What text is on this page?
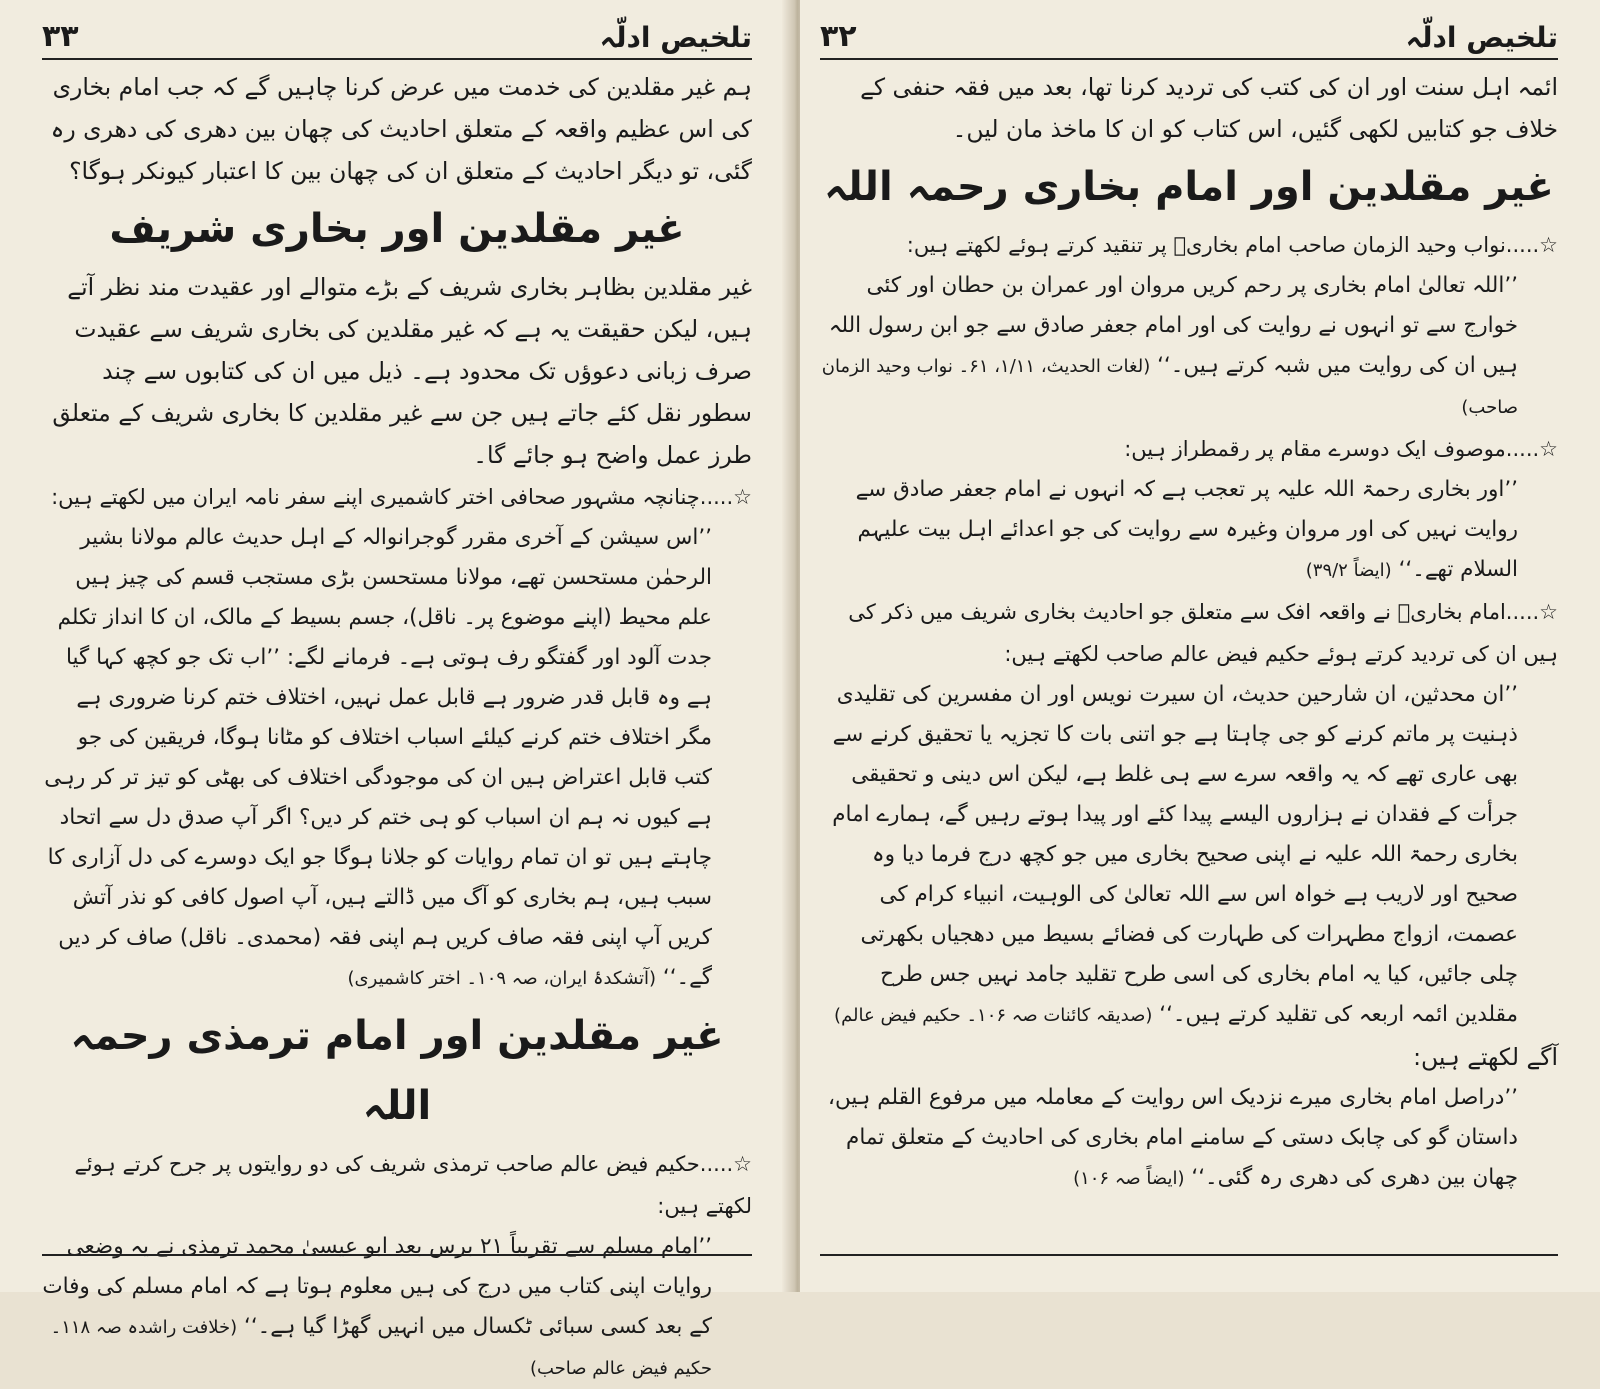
۳۳	تلخیص ادلّہ

ہم غیر مقلدین کی خدمت میں عرض کرنا چاہیں گے کہ جب امام بخاری کی اس عظیم واقعہ کے متعلق احادیث کی چھان بین دھری کی دھری رہ گئی، تو دیگر احادیث کے متعلق ان کی چھان بین کا اعتبار کیونکر ہوگا؟

غیر مقلدین اور بخاری شریف

غیر مقلدین بظاہر بخاری شریف کے بڑے متوالے اور عقیدت مند نظر آتے ہیں، لیکن حقیقت یہ ہے کہ غیر مقلدین کی بخاری شریف سے عقیدت صرف زبانی دعوؤں تک محدود ہے۔ ذیل میں ان کی کتابوں سے چند سطور نقل کئے جاتے ہیں جن سے غیر مقلدین کا بخاری شریف کے متعلق طرز عمل واضح ہو جائے گا۔

☆.....چنانچہ مشہور صحافی اختر کاشمیری اپنے سفر نامہ ایران میں لکھتے ہیں:

’’اس سیشن کے آخری مقرر گوجرانوالہ کے اہل حدیث عالم مولانا بشیر الرحمٰن مستحسن تھے، مولانا مستحسن بڑی مستجب قسم کی چیز ہیں علم محیط (اپنے موضوع پر۔ ناقل)، جسم بسیط کے مالک، ان کا انداز تکلم جدت آلود اور گفتگو رف ہوتی ہے۔ فرمانے لگے: ’’اب تک جو کچھ کہا گیا ہے وہ قابل قدر ضرور ہے قابل عمل نہیں، اختلاف ختم کرنا ضروری ہے مگر اختلاف ختم کرنے کیلئے اسباب اختلاف کو مٹانا ہوگا، فریقین کی جو کتب قابل اعتراض ہیں ان کی موجودگی اختلاف کی بھٹی کو تیز تر کر رہی ہے کیوں نہ ہم ان اسباب کو ہی ختم کر دیں؟ اگر آپ صدق دل سے اتحاد چاہتے ہیں تو ان تمام روایات کو جلانا ہوگا جو ایک دوسرے کی دل آزاری کا سبب ہیں، ہم بخاری کو آگ میں ڈالتے ہیں، آپ اصول کافی کو نذر آتش کریں آپ اپنی فقہ صاف کریں ہم اپنی فقہ (محمدی۔ ناقل) صاف کر دیں گے۔‘‘ (آتشکدۂ ایران، صہ ۱۰۹۔ اختر کاشمیری)

غیر مقلدین اور امام ترمذی رحمہ اللہ

☆.....حکیم فیض عالم صاحب ترمذی شریف کی دو روایتوں پر جرح کرتے ہوئے لکھتے ہیں:

’’امام مسلم سے تقریباً ۲۱ برس بعد ابو عیسیٰ محمد ترمذی نے یہ وضعی روایات اپنی کتاب میں درج کی ہیں معلوم ہوتا ہے کہ امام مسلم کی وفات کے بعد کسی سبائی ٹکسال میں انہیں گھڑا گیا ہے۔‘‘ (خلافت راشدہ صہ ۱۱۸۔ حکیم فیض عالم صاحب)

۳۲	تلخیص ادلّہ

ائمہ اہل سنت اور ان کی کتب کی تردید کرنا تھا، بعد میں فقہ حنفی کے خلاف جو کتابیں لکھی گئیں، اس کتاب کو ان کا ماخذ مان لیں۔

غیر مقلدین اور امام بخاری رحمہ اللہ

☆.....نواب وحید الزمان صاحب امام بخاریؒ پر تنقید کرتے ہوئے لکھتے ہیں:

’’اللہ تعالیٰ امام بخاری پر رحم کریں مروان اور عمران بن حطان اور کئی خوارج سے تو انہوں نے روایت کی اور امام جعفر صادق سے جو ابن رسول اللہ ہیں ان کی روایت میں شبہ کرتے ہیں۔‘‘ (لغات الحدیث، ۱/۱۱، ۶۱۔ نواب وحید الزمان صاحب)

☆.....موصوف ایک دوسرے مقام پر رقمطراز ہیں:

’’اور بخاری رحمۃ اللہ علیہ پر تعجب ہے کہ انہوں نے امام جعفر صادق سے روایت نہیں کی اور مروان وغیرہ سے روایت کی جو اعدائے اہل بیت علیہم السلام تھے۔‘‘ (ایضاً ۳۹/۲)

☆.....امام بخاریؒ نے واقعہ افک سے متعلق جو احادیث بخاری شریف میں ذکر کی ہیں ان کی تردید کرتے ہوئے حکیم فیض عالم صاحب لکھتے ہیں:

’’ان محدثین، ان شارحین حدیث، ان سیرت نویس اور ان مفسرین کی تقلیدی ذہنیت پر ماتم کرنے کو جی چاہتا ہے جو اتنی بات کا تجزیہ یا تحقیق کرنے سے بھی عاری تھے کہ یہ واقعہ سرے سے ہی غلط ہے، لیکن اس دینی و تحقیقی جرأت کے فقدان نے ہزاروں الیسے پیدا کئے اور پیدا ہوتے رہیں گے، ہمارے امام بخاری رحمۃ اللہ علیہ نے اپنی صحیح بخاری میں جو کچھ درج فرما دیا وہ صحیح اور لاریب ہے خواہ اس سے اللہ تعالیٰ کی الوہیت، انبیاء کرام کی عصمت، ازواج مطہرات کی طہارت کی فضائے بسیط میں دھجیاں بکھرتی چلی جائیں، کیا یہ امام بخاری کی اسی طرح تقلید جامد نہیں جس طرح مقلدین ائمہ اربعہ کی تقلید کرتے ہیں۔‘‘ (صدیقہ کائنات صہ ۱۰۶۔ حکیم فیض عالم)

آگے لکھتے ہیں:

’’دراصل امام بخاری میرے نزدیک اس روایت کے معاملہ میں مرفوع القلم ہیں، داستان گو کی چابک دستی کے سامنے امام بخاری کی احادیث کے متعلق تمام چھان بین دھری کی دھری رہ گئی۔‘‘ (ایضاً صہ ۱۰۶)
